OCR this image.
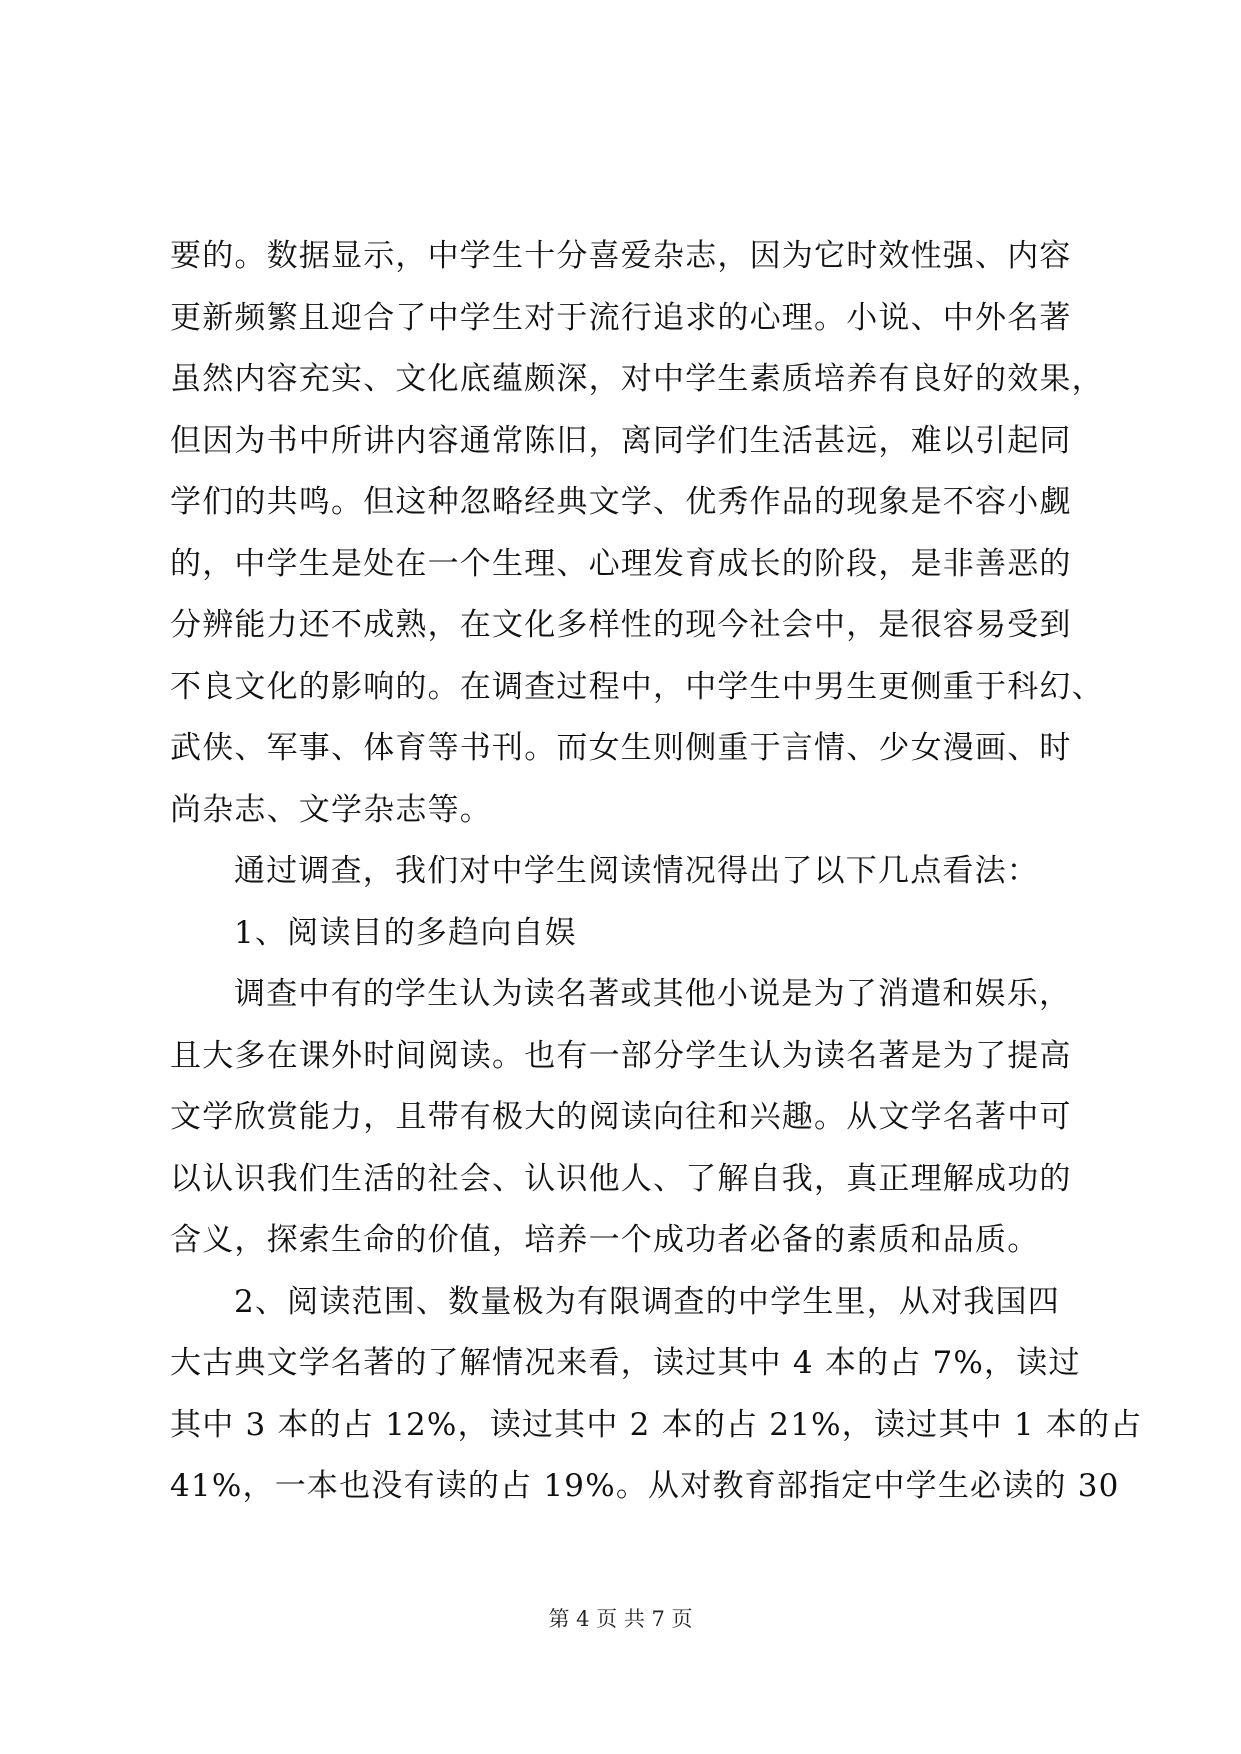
要的。数据显示，中学生十分喜爱杂志，因为它时效性强、内容
更新频繁且迎合了中学生对于流行追求的心理。小说、中外名著
虽然内容充实、文化底蕴颇深，对中学生素质培养有良好的效果，
但因为书中所讲内容通常陈旧，离同学们生活甚远，难以引起同
学们的共鸣。但这种忽略经典文学、优秀作品的现象是不容小觑
的，中学生是处在一个生理、心理发育成长的阶段，是非善恶的
分辨能力还不成熟，在文化多样性的现今社会中，是很容易受到
不良文化的影响的。在调查过程中，中学生中男生更侧重于科幻、
武侠、军事、体育等书刊。而女生则侧重于言情、少女漫画、时
尚杂志、文学杂志等。
通过调查，我们对中学生阅读情况得出了以下几点看法：
1、阅读目的多趋向自娱
调查中有的学生认为读名著或其他小说是为了消遣和娱乐，
且大多在课外时间阅读。也有一部分学生认为读名著是为了提高
文学欣赏能力，且带有极大的阅读向往和兴趣。从文学名著中可
以认识我们生活的社会、认识他人、了解自我，真正理解成功的
含义，探索生命的价值，培养一个成功者必备的素质和品质。
2、阅读范围、数量极为有限调查的中学生里，从对我国四
大古典文学名著的了解情况来看，读过其中 4 本的占 7%，读过
其中 3 本的占 12%，读过其中 2 本的占 21%，读过其中 1 本的占
41%，一本也没有读的占 19%。从对教育部指定中学生必读的 30
第 4 页 共 7 页
